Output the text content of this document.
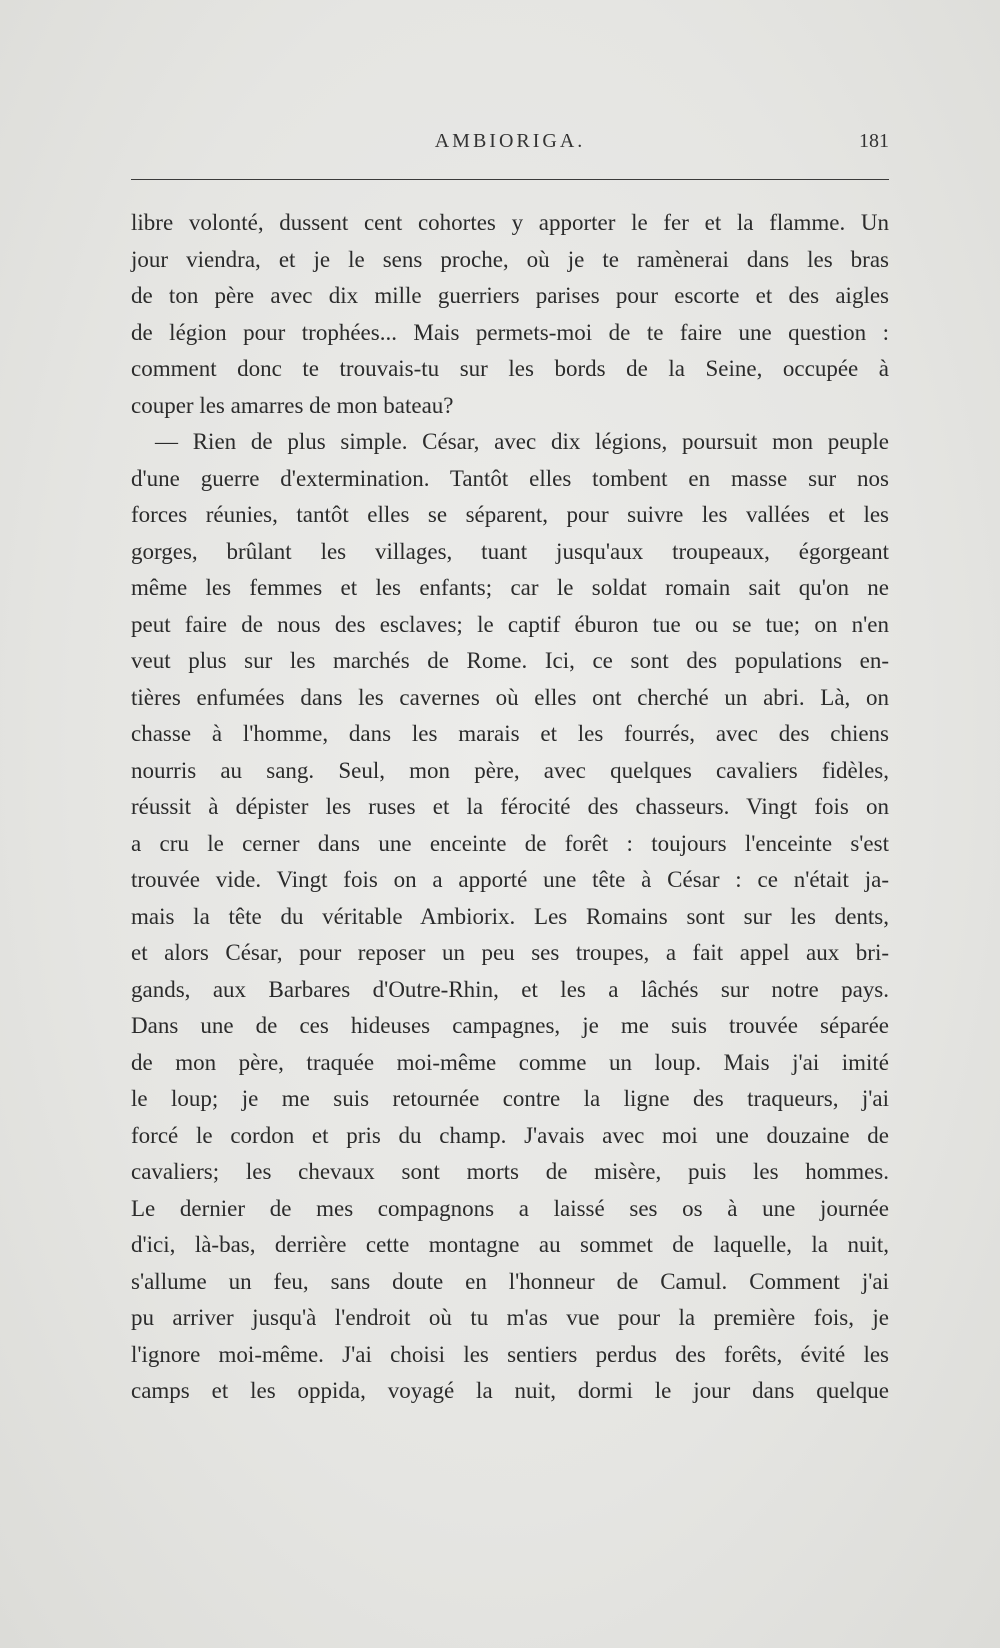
AMBIORIGA.	181
libre volonté, dussent cent cohortes y apporter le fer et la flamme. Un
jour viendra, et je le sens proche, où je te ramènerai dans les bras
de ton père avec dix mille guerriers parises pour escorte et des aigles
de légion pour trophées... Mais permets-moi de te faire une question :
comment donc te trouvais-tu sur les bords de la Seine, occupée à
couper les amarres de mon bateau?
— Rien de plus simple. César, avec dix légions, poursuit mon peuple
d'une guerre d'extermination. Tantôt elles tombent en masse sur nos
forces réunies, tantôt elles se séparent, pour suivre les vallées et les
gorges, brûlant les villages, tuant jusqu'aux troupeaux, égorgeant
même les femmes et les enfants; car le soldat romain sait qu'on ne
peut faire de nous des esclaves; le captif éburon tue ou se tue; on n'en
veut plus sur les marchés de Rome. Ici, ce sont des populations en-
tières enfumées dans les cavernes où elles ont cherché un abri. Là, on
chasse à l'homme, dans les marais et les fourrés, avec des chiens
nourris au sang. Seul, mon père, avec quelques cavaliers fidèles,
réussit à dépister les ruses et la férocité des chasseurs. Vingt fois on
a cru le cerner dans une enceinte de forêt : toujours l'enceinte s'est
trouvée vide. Vingt fois on a apporté une tête à César : ce n'était ja-
mais la tête du véritable Ambiorix. Les Romains sont sur les dents,
et alors César, pour reposer un peu ses troupes, a fait appel aux bri-
gands, aux Barbares d'Outre-Rhin, et les a lâchés sur notre pays.
Dans une de ces hideuses campagnes, je me suis trouvée séparée
de mon père, traquée moi-même comme un loup. Mais j'ai imité
le loup; je me suis retournée contre la ligne des traqueurs, j'ai
forcé le cordon et pris du champ. J'avais avec moi une douzaine de
cavaliers; les chevaux sont morts de misère, puis les hommes.
Le dernier de mes compagnons a laissé ses os à une journée
d'ici, là-bas, derrière cette montagne au sommet de laquelle, la nuit,
s'allume un feu, sans doute en l'honneur de Camul. Comment j'ai
pu arriver jusqu'à l'endroit où tu m'as vue pour la première fois, je
l'ignore moi-même. J'ai choisi les sentiers perdus des forêts, évité les
camps et les oppida, voyagé la nuit, dormi le jour dans quelque
